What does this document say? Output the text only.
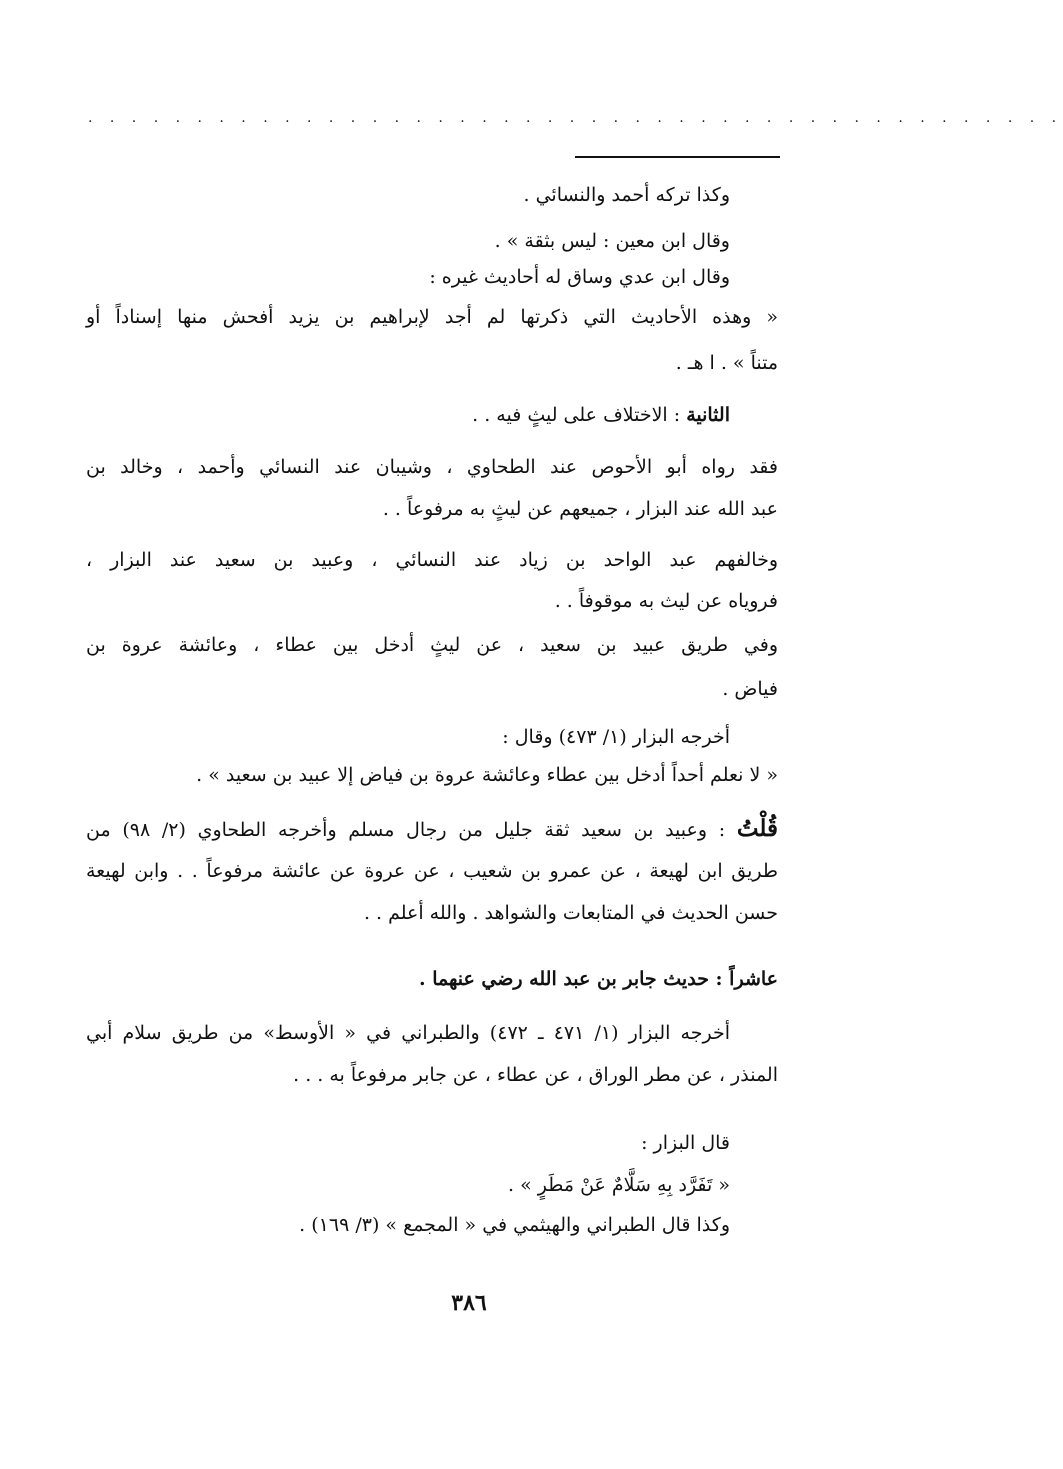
. . . . . . . . . . . . . . . . . . . . . . . . . . . . . . . . . . . . . . . . . . . . .
وكذا تركه أحمد والنسائي .
وقال ابن معين : ليس بثقة » .
وقال ابن عدي وساق له أحاديث غيره :
« وهذه الأحاديث التي ذكرتها لم أجد لإبراهيم بن يزيد أفحش منها إسناداً أو
متناً » . ا هـ .
الثانية : الاختلاف على ليثٍ فيه . .
فقد رواه أبو الأحوص عند الطحاوي ، وشيبان عند النسائي وأحمد ، وخالد بن
عبد الله عند البزار ، جميعهم عن ليثٍ به مرفوعاً . .
وخالفهم عبد الواحد بن زياد عند النسائي ، وعبيد بن سعيد عند البزار ،
فروياه عن ليث به موقوفاً . .
وفي طريق عبيد بن سعيد ، عن ليثٍ أدخل بين عطاء ، وعائشة عروة بن
فياض .
أخرجه البزار (١/ ٤٧٣) وقال :
« لا نعلم أحداً أدخل بين عطاء وعائشة عروة بن فياض إلا عبيد بن سعيد » .
قُلْتُ : وعبيد بن سعيد ثقة جليل من رجال مسلم وأخرجه الطحاوي (٢/ ٩٨) من
طريق ابن لهيعة ، عن عمرو بن شعيب ، عن عروة عن عائشة مرفوعاً . . وابن لهيعة
حسن الحديث في المتابعات والشواهد . والله أعلم . .
عاشراً : حديث جابر بن عبد الله رضي عنهما .
أخرجه البزار (١/ ٤٧١ ـ ٤٧٢) والطبراني في « الأوسط» من طريق سلام أبي
المنذر ، عن مطر الوراق ، عن عطاء ، عن جابر مرفوعاً به . . .
قال البزار :
« تَفَرَّد بِهِ سَلَّامٌ عَنْ مَطَرٍ » .
وكذا قال الطبراني والهيثمي في « المجمع » (٣/ ١٦٩) .
٣٨٦
